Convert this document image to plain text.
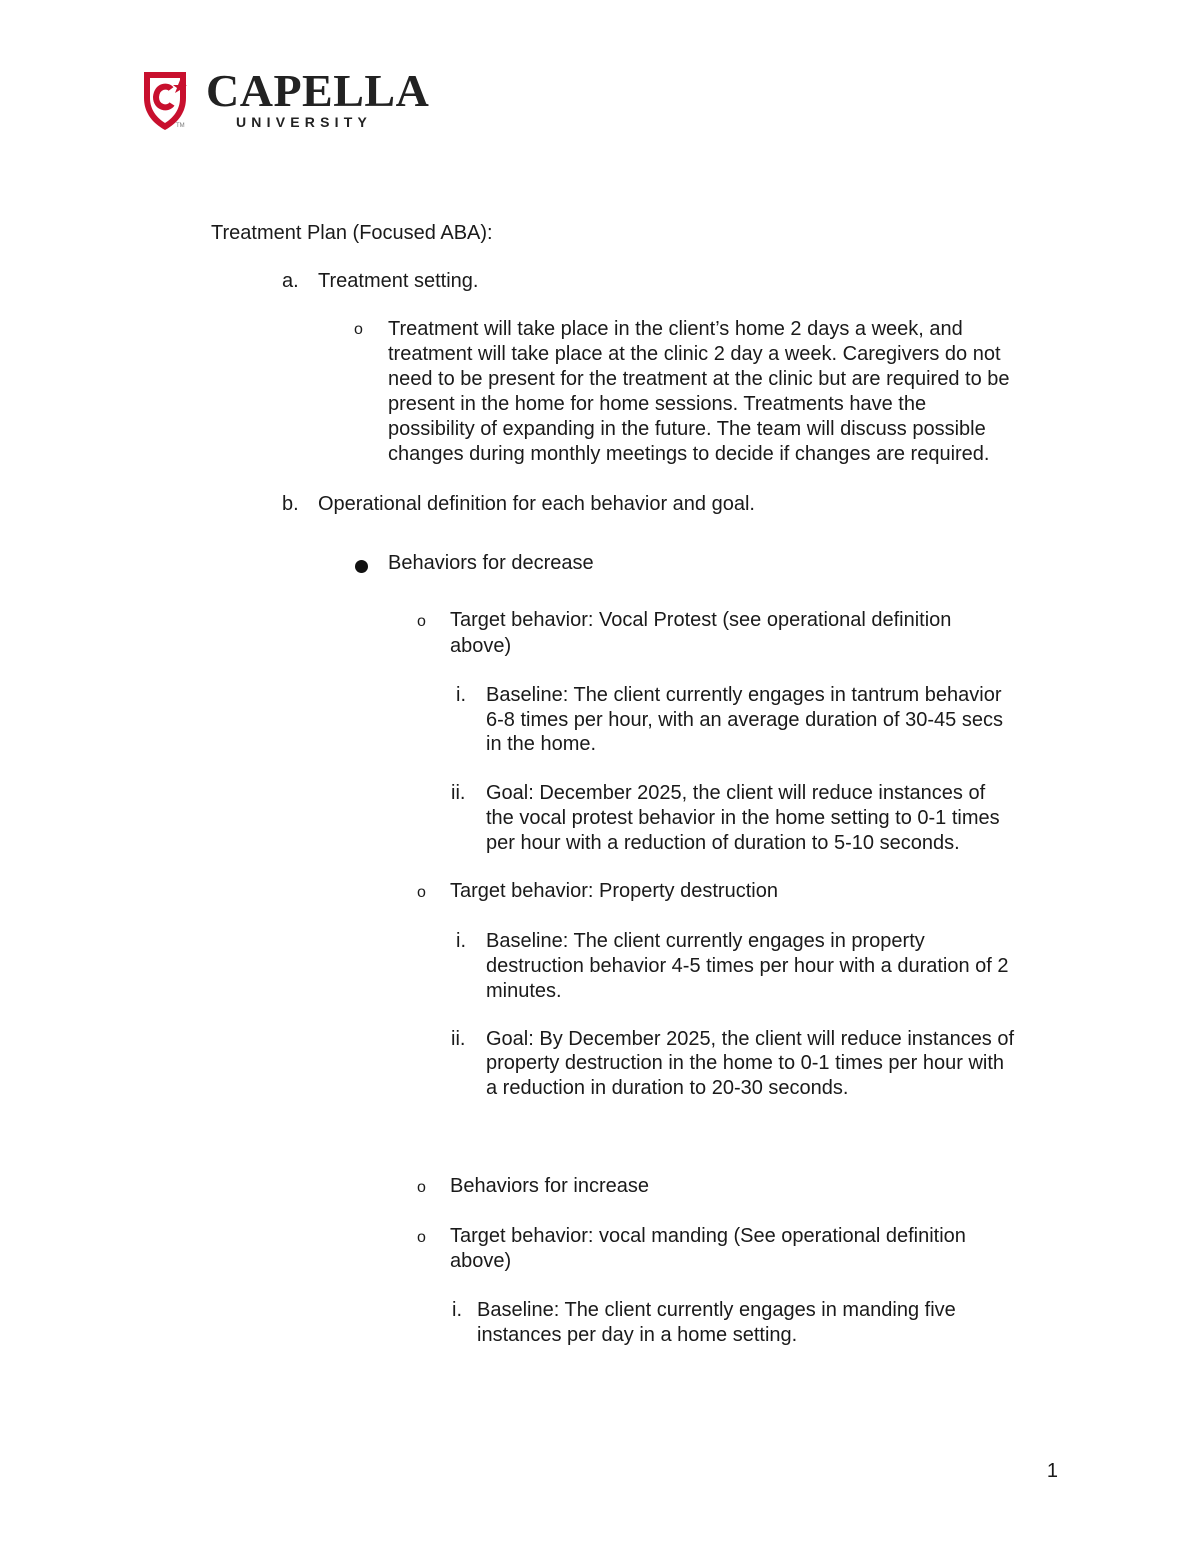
TM
CAPELLA
UNIVERSITY
Treatment Plan (Focused ABA):
a. Treatment setting.
o Treatment will take place in the client’s home 2 days a week, and
treatment will take place at the clinic 2 day a week. Caregivers do not
need to be present for the treatment at the clinic but are required to be
present in the home for home sessions. Treatments have the
possibility of expanding in the future. The team will discuss possible
changes during monthly meetings to decide if changes are required.
b. Operational definition for each behavior and goal.
Behaviors for decrease
o Target behavior: Vocal Protest (see operational definition
above)
i. Baseline: The client currently engages in tantrum behavior
6-8 times per hour, with an average duration of 30-45 secs
in the home.
ii. Goal: December 2025, the client will reduce instances of
the vocal protest behavior in the home setting to 0-1 times
per hour with a reduction of duration to 5-10 seconds.
o Target behavior: Property destruction
i. Baseline: The client currently engages in property
destruction behavior 4-5 times per hour with a duration of 2
minutes.
ii. Goal: By December 2025, the client will reduce instances of
property destruction in the home to 0-1 times per hour with
a reduction in duration to 20-30 seconds.
o Behaviors for increase
o Target behavior: vocal manding (See operational definition
above)
i. Baseline: The client currently engages in manding five
instances per day in a home setting.
1
